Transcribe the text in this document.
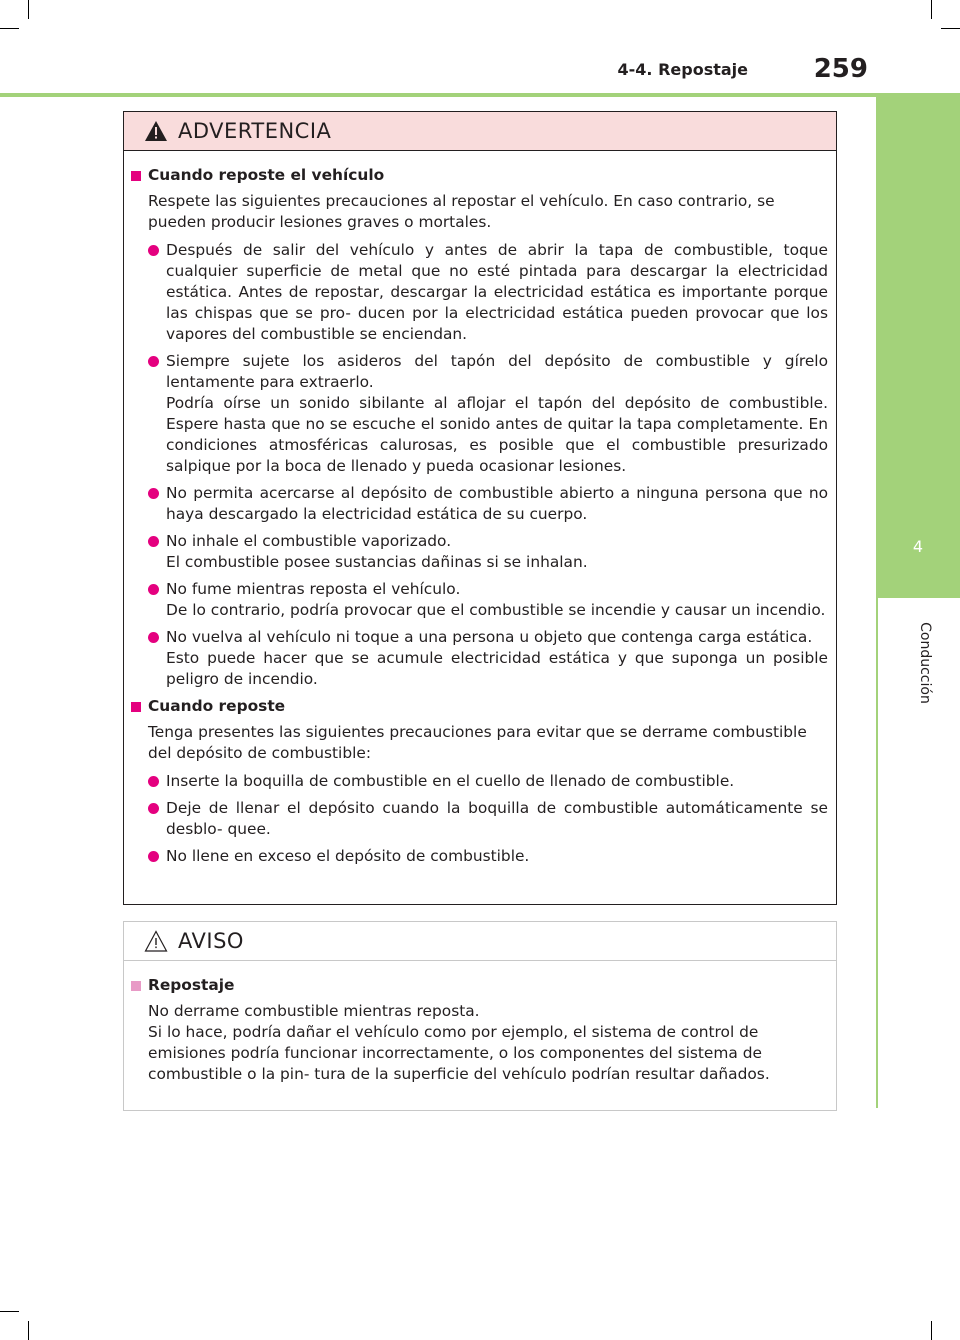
4
Conducción
4-4. Repostaje	259
ADVERTENCIA
Cuando reposte el vehículo
Respete las siguientes precauciones al repostar el vehículo. En caso contrario, se pueden producir lesiones graves o mortales.
Después de salir del vehículo y antes de abrir la tapa de combustible, toque cualquier superficie de metal que no esté pintada para descargar la electricidad estática. Antes de repostar, descargar la electricidad estática es importante porque las chispas que se pro- ducen por la electricidad estática pueden provocar que los vapores del combustible se enciendan.
Siempre sujete los asideros del tapón del depósito de combustible y gírelo lentamente para extraerlo.
Podría oírse un sonido sibilante al aflojar el tapón del depósito de combustible. Espere hasta que no se escuche el sonido antes de quitar la tapa completamente. En condiciones atmosféricas calurosas, es posible que el combustible presurizado salpique por la boca de llenado y pueda ocasionar lesiones.
No permita acercarse al depósito de combustible abierto a ninguna persona que no haya descargado la electricidad estática de su cuerpo.
No inhale el combustible vaporizado.
El combustible posee sustancias dañinas si se inhalan.
No fume mientras reposta el vehículo.
De lo contrario, podría provocar que el combustible se incendie y causar un incendio.
No vuelva al vehículo ni toque a una persona u objeto que contenga carga estática.
Esto puede hacer que se acumule electricidad estática y que suponga un posible peligro de incendio.
Cuando reposte
Tenga presentes las siguientes precauciones para evitar que se derrame combustible del depósito de combustible:
Inserte la boquilla de combustible en el cuello de llenado de combustible.
Deje de llenar el depósito cuando la boquilla de combustible automáticamente se desblo- quee.
No llene en exceso el depósito de combustible.
AVISO
Repostaje
No derrame combustible mientras reposta.
Si lo hace, podría dañar el vehículo como por ejemplo, el sistema de control de emisiones podría funcionar incorrectamente, o los componentes del sistema de combustible o la pin- tura de la superficie del vehículo podrían resultar dañados.
